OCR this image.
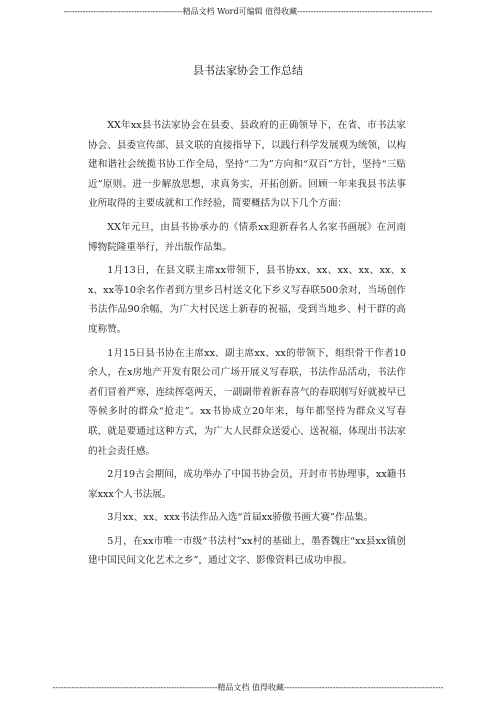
--------------------------------------------精品文档 Word可编辑 值得收藏--------------------------------------------------
县书法家协会工作总结

XX年xx县书法家协会在县委、县政府的正确领导下，在省、市书法家协会、县委宣传部、县文联的直接指导下，以践行科学发展观为统领，以构建和谐社会统揽书协工作全局，坚持“二为”方向和“双百”方针，坚持“三贴近”原则。进一步解放思想，求真务实，开拓创新。回顾一年来我县书法事业所取得的主要成就和工作经验，简要概括为以下几个方面：

XX年元旦，由县书协承办的《情系xx迎新春名人名家书画展》在河南博物院隆重举行，并出版作品集。

1月13日，在县文联主席xx带领下，县书协xx、xx、xx、xx、xx、xx、xx等10余名作者到方里乡吕村送文化下乡义写春联500余对，当场创作书法作品90余幅，为广大村民送上新春的祝福，受到当地乡、村干群的高度称赞。

1月15日县书协在主席xx、副主席xx、xx的带领下，组织骨干作者10余人，在x房地产开发有限公司广场开展义写春联，书法作品活动，书法作者们冒着严寒，连续挥毫两天，一副副带着新春喜气的春联刚写好就被早已等候多时的群众“抢走”。xx书协成立20年来，每年都坚持为群众义写春联，就是要通过这种方式，为广大人民群众送爱心、送祝福，体现出书法家的社会责任感。

2月19古会期间，成功举办了中国书协会员，开封市书协理事，xx籍书家xxx个人书法展。

3月xx、xx、xxx书法作品入选“首届xx骄傲书画大赛”作品集。

5月，在xx市唯一市级“书法村”xx村的基础上，墨香魏庄“xx县xx镇创建中国民间文化艺术之乡”，通过文字、影像资料已成功申报。

-------------------------------------------------------------精品文档 值得收藏-----------------------------------------------------------
